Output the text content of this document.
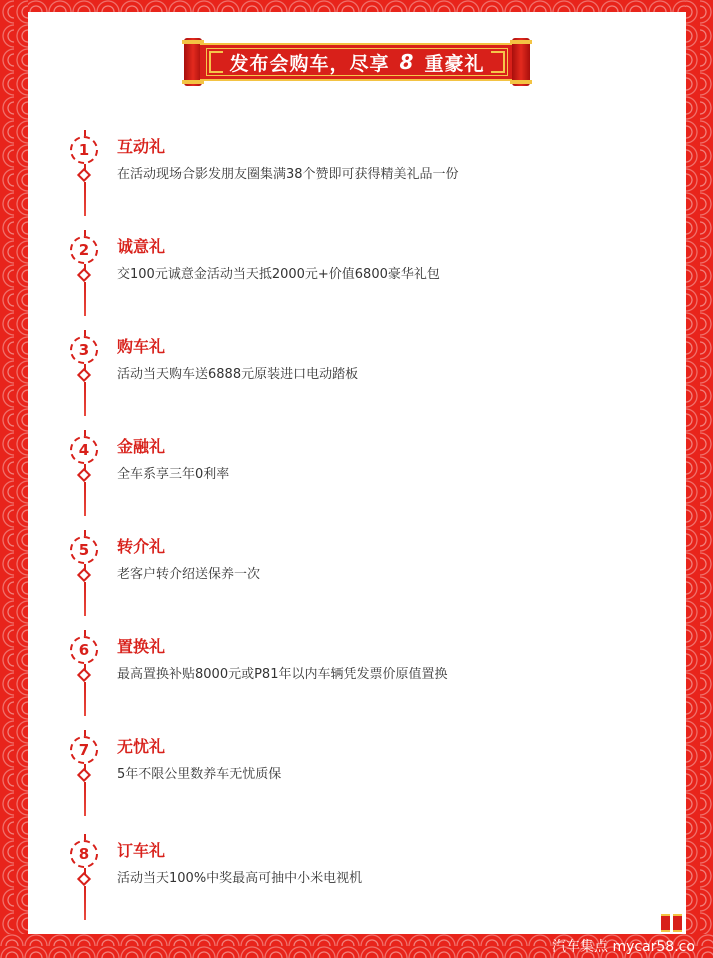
发布会购车，尽享 8 重豪礼
1	互动礼
在活动现场合影发朋友圈集满38个赞即可获得精美礼品一份
2	诚意礼
交100元诚意金活动当天抵2000元+价值6800豪华礼包
3	购车礼
活动当天购车送6888元原装进口电动踏板
4	金融礼
全车系享三年0利率
5	转介礼
老客户转介绍送保养一次
6	置换礼
最高置换补贴8000元或P81年以内车辆凭发票价原值置换
7	无忧礼
5年不限公里数养车无忧质保
8	订车礼
活动当天100%中奖最高可抽中小米电视机
汽车集点 mycar58.co
